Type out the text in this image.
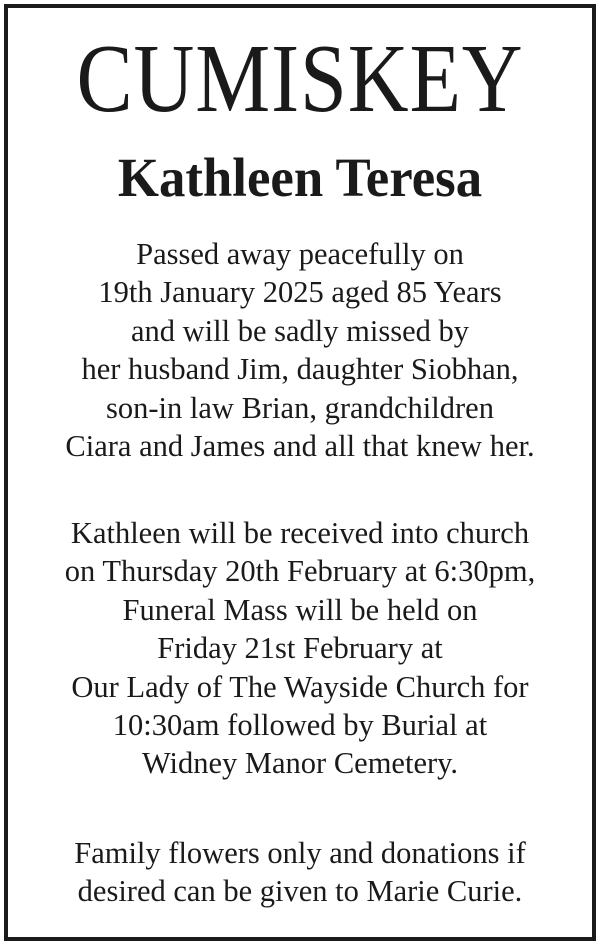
CUMISKEY
Kathleen Teresa
Passed away peacefully on
19th January 2025 aged 85 Years
and will be sadly missed by
her husband Jim, daughter Siobhan,
son-in law Brian, grandchildren
Ciara and James and all that knew her.
Kathleen will be received into church
on Thursday 20th February at 6:30pm,
Funeral Mass will be held on
Friday 21st February at
Our Lady of The Wayside Church for
10:30am followed by Burial at
Widney Manor Cemetery.
Family flowers only and donations if
desired can be given to Marie Curie.
